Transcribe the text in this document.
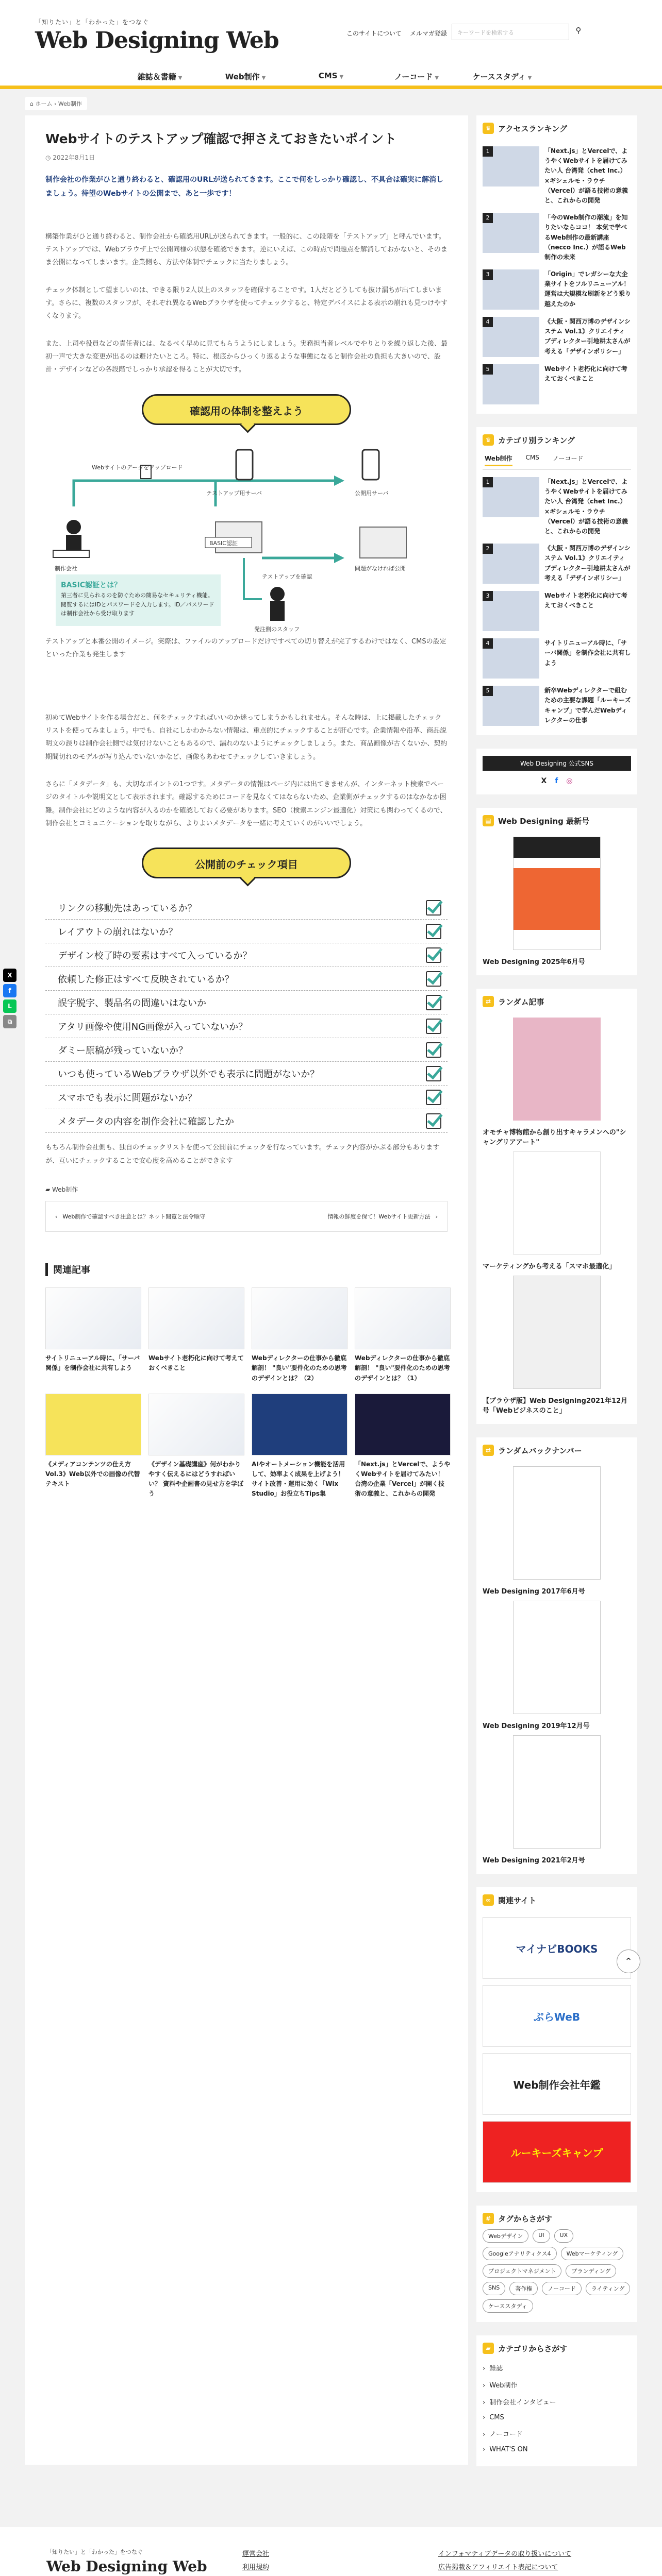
「知りたい」と「わかった」をつなぐ
Web Designing Web	このサイトについて メルマガ登録	キーワードを検索する	⚲
雑誌＆書籍 ▼	Web制作 ▼	CMS ▼	ノーコード ▼	ケーススタディ ▼
⌂ ホーム › Web制作
X
f
L
⧉
Webサイトのテストアップ確認で押さえておきたいポイント
◷ 2022年8月1日

制作会社の作業がひと通り終わると、確認用のURLが送られてきます。ここで何をしっかり確認し、不具合は確実に解消しましょう。待望のWebサイトの公開まで、あと一歩です！

構築作業がひと通り終わると、制作会社から確認用URLが送られてきます。一般的に、この段階を「テストアップ」と呼んでいます。テストアップでは、Webブラウザ上で公開同様の状態を確認できます。逆にいえば、この時点で問題点を解消しておかないと、そのまま公開になってしまいます。企業側も、方法や体制でチェックに当たりましょう。

チェック体制として望ましいのは、できる限り2人以上のスタッフを確保することです。1人だとどうしても抜け漏ちが出てしまいます。さらに、複数のスタッフが、それぞれ異なるWebブラウザを使ってチェックすると、特定デバイスによる表示の崩れも見つけやすくなります。

また、上司や役員などの責任者には、なるべく早めに見てもらうようにしましょう。実務担当者レベルでやりとりを繰り返した後、最初一声で大きな変更が出るのは避けたいところ。特に、根底からひっくり返るような事態になると制作会社の負担も大きいので、設計・デザインなどの各段階でしっかり承認を得ることが大切です。

確認用の体制を整えよう
Webサイトのデータをアップロード
制作会社
テストアップ用サーバ	公開用サーバ
BASIC認証
テストアップを確認
発注側のスタッフ
問題がなければ公開
BASIC認証とは？
第三者に見られるのを防ぐための簡易なセキュリティ機能。閲覧するにはIDとパスワードを入力します。ID／パスワードは制作会社から受け取ります

テストアップと本番公開のイメージ。実際は、ファイルのアップロードだけですべての切り替えが完了するわけではなく、CMSの設定といった作業も発生します

初めてWebサイトを作る場合だと、何をチェックすればいいのか迷ってしまうかもしれません。そんな時は、上に掲載したチェックリストを使ってみましょう。中でも、自社にしかわからない情報は、重点的にチェックすることが肝心です。企業情報や沿革、商品説明文の誤りは制作会社側では気付けないこともあるので、漏れのないようにチェックしましょう。また、商品画像が古くないか、契約期間切れのモデルが写り込んでいないかなど、画像もあわせてチェックしていきましょう。

さらに「メタデータ」も、大切なポイントの1つです。メタデータの情報はページ内には出てきませんが、インターネット検索でページのタイトルや説明文として表示されます。確認するためにコードを見なくてはならないため、企業側がチェックするのはなかなか困難。制作会社にどのような内容が入るのかを確認しておく必要があります。SEO（検索エンジン最適化）対策にも関わってくるので、制作会社とコミュニケーションを取りながら、よりよいメタデータを一緒に考えていくのがいいでしょう。

公開前のチェック項目
リンクの移動先はあっているか？
レイアウトの崩れはないか？
デザイン校了時の要素はすべて入っているか？
依頼した修正はすべて反映されているか？
誤字脱字、製品名の間違いはないか
アタリ画像や使用NG画像が入っていないか？
ダミー原稿が残っていないか？
いつも使っているWebブラウザ以外でも表示に問題がないか？
スマホでも表示に問題がないか？
メタデータの内容を制作会社に確認したか

もちろん制作会社側も、独自のチェックリストを使って公開前にチェックを行なっています。チェック内容がかぶる部分もありますが、互いにチェックすることで安心度を高めることができます

▰ Web制作
‹ Web制作で確認すべき注意とは？ネット閲覧と法令順守	情報の鮮度を保て！Webサイト更新方法 ›
関連記事
サイトリニューアル時に、「サーバ関係」を制作会社に共有しよう
Webサイト老朽化に向けて考えておくべきこと
Webディレクターの仕事から徹底解剖！ "良い"要件化のための思考のデザインとは？（2）
Webディレクターの仕事から徹底解剖！ "良い"要件化のための思考のデザインとは？（1）
《メディアコンテンツの仕え方 Vol.3》Web以外での画像の代替テキスト
《デザイン基礎講座》何がわかりやすく伝えるにはどうすればいい？ 資料や企画書の見せ方を学ぼう
AIやオートメーション機能を活用して、効率よく成果を上げよう！ サイト改善・運用に効く「Wix Studio」お役立ちTips集
「Next.js」とVercelで、ようやくWebサイトを届けてみたい！ 台湾の企業「Vercel」が開く技術の意義と、これからの開発
♛ アクセスランキング
1	「Next.js」とVercelで、ようやくWebサイトを届けてみたい人 台湾発（chet Inc.）×ギシェルモ・ラウチ（Vercel）が語る技術の意義と、これからの開発
2	「今のWeb制作の潮流」を知りたいならココ！ 本気で学べるWeb制作の最新講座（necco Inc.）が語るWeb制作の未来
3	「Origin」でレガシーな大企業サイトをフルリニューアル！ 運営は大規模な刷新をどう乗り越えたのか
4	《大阪・関西万博のデザインシステム Vol.1》クリエイティブディレクター引地耕太さんが考える「デザインポリシー」
5	Webサイト老朽化に向けて考えておくべきこと
♛ カテゴリ別ランキング
Web制作 CMS ノーコード
1	「Next.js」とVercelで、ようやくWebサイトを届けてみたい人 台湾発（chet Inc.）×ギシェルモ・ラウチ（Vercel）が語る技術の意義と、これからの開発
2	《大阪・関西万博のデザインシステム Vol.1》クリエイティブディレクター引地耕太さんが考える「デザインポリシー」
3	Webサイト老朽化に向けて考えておくべきこと
4	サイトリニューアル時に、「サーバ関係」を制作会社に共有しよう
5	新卒Webディレクターで組むための主要な課題「ルーキーズキャンプ」で学んだWebディレクターの仕事
Web Designing 公式SNS
X f ◎
▤ Web Designing 最新号
Web Designing 2025年6月号
⇄ ランダム記事
オモチャ博物館から創り出すキャラメンへの"シャングリアアート"
マーケティングから考える「スマホ最適化」
【ブラウザ版】Web Designing2021年12月号「Webビジネスのこと」
⇄ ランダムバックナンバー
Web Designing 2017年6月号
Web Designing 2019年12月号
Web Designing 2021年2月号
∞ 関連サイト
マイナビBOOKS
ぷらWeB
Web制作会社年鑑
ルーキーズキャンプ
# タグからさがす
Webデザイン	UI	UX
Googleアナリティクス4	Webマーケティング
プロジェクトマネジメント	ブランディング
SNS	著作権	ノーコード	ライティング
ケーススタディ
▰ カテゴリからさがす
› 雑誌
› Web制作
› 制作会社インタビュー
› CMS
› ノーコード
› WHAT'S ON
⌃
「知りたい」と「わかった」をつなぐ
Web Designing Web
運営会社
利用規約
インフォマティブデータの取り扱いについて
広告掲載＆アフィリエイト表記について
